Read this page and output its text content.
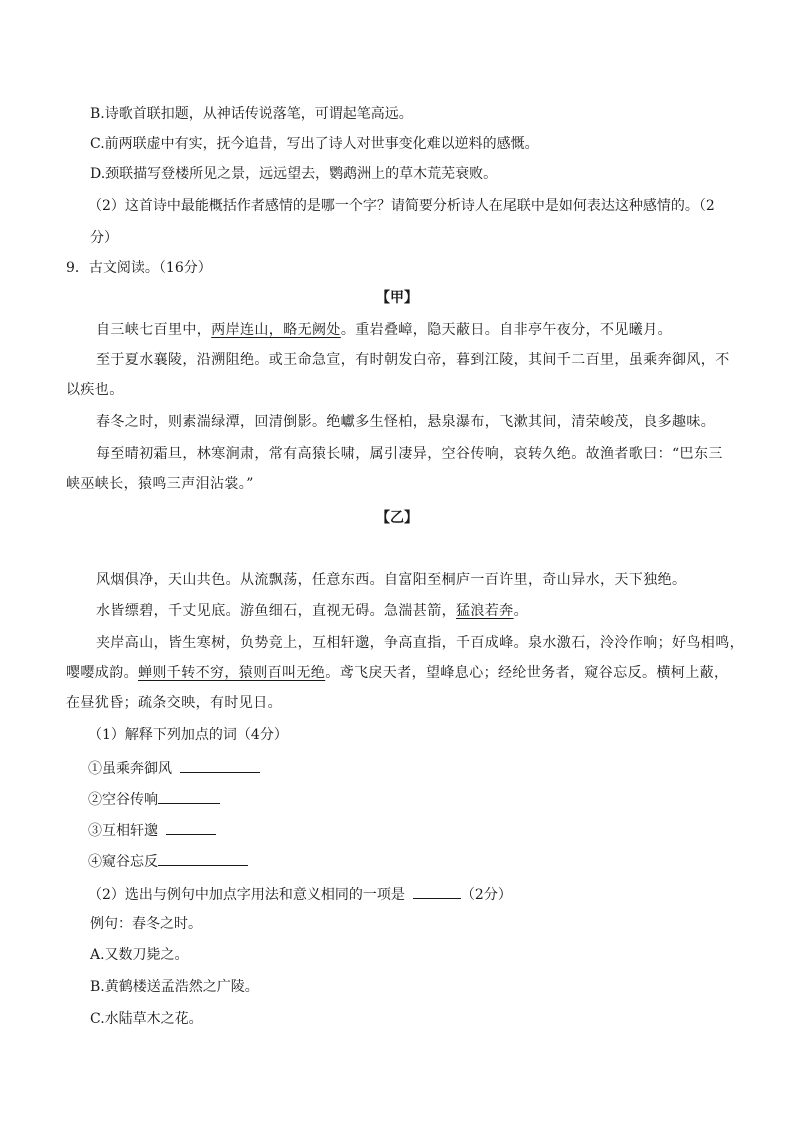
B.诗歌首联扣题，从神话传说落笔，可谓起笔高远。
C.前两联虚中有实，抚今追昔，写出了诗人对世事变化难以逆料的感慨。
D.颈联描写登楼所见之景，远远望去，鹦鹉洲上的草木荒芜衰败。
（2）这首诗中最能概括作者感情的是哪一个字？请简要分析诗人在尾联中是如何表达这种感情的。（2
分）
9．古文阅读。（16分）
【甲】
自三峡七百里中，两岸连山，略无阙处。重岩叠嶂，隐天蔽日。自非亭午夜分，不见曦月。
至于夏水襄陵，沿溯阻绝。或王命急宣，有时朝发白帝，暮到江陵，其间千二百里，虽乘奔御风，不
以疾也。
春冬之时，则素湍绿潭，回清倒影。绝巘多生怪柏，悬泉瀑布，飞漱其间，清荣峻茂，良多趣味。
每至晴初霜旦，林寒涧肃，常有高猿长啸，属引凄异，空谷传响，哀转久绝。故渔者歌曰：“巴东三
峡巫峡长，猿鸣三声泪沾裳。”
【乙】
风烟俱净，天山共色。从流飘荡，任意东西。自富阳至桐庐一百许里，奇山异水，天下独绝。
水皆缥碧，千丈见底。游鱼细石，直视无碍。急湍甚箭，猛浪若奔。
夹岸高山，皆生寒树，负势竞上，互相轩邈，争高直指，千百成峰。泉水激石，泠泠作响；好鸟相鸣，
嘤嘤成韵。蝉则千转不穷，猿则百叫无绝。鸢飞戾天者，望峰息心；经纶世务者，窥谷忘反。横柯上蔽，
在昼犹昏；疏条交映，有时见日。
（1）解释下列加点的词（4分）
①虽乘奔御风
②空谷传响
③互相轩邈
④窥谷忘反
（2）选出与例句中加点字用法和意义相同的一项是	（2分）
例句：春冬之时。
A.又数刀毙之。
B.黄鹤楼送孟浩然之广陵。
C.水陆草木之花。
